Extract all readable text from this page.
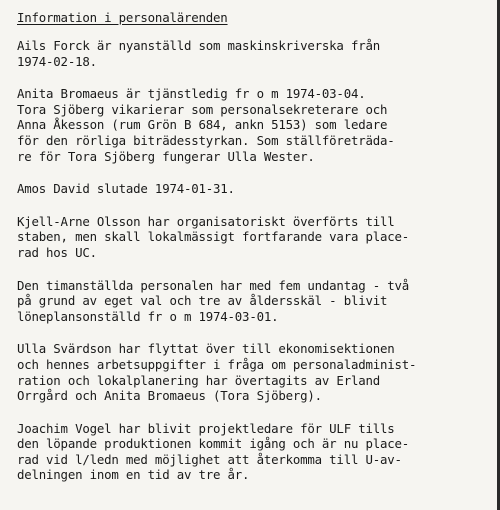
Information i personalärenden
Ails Forck är nyanställd som maskinskriverska från
1974-02-18.
Anita Bromaeus är tjänstledig fr o m 1974-03-04.
Tora Sjöberg vikarierar som personalsekreterare och
Anna Åkesson (rum Grön B 684, ankn 5153) som ledare
för den rörliga biträdesstyrkan. Som ställföreträda-
re för Tora Sjöberg fungerar Ulla Wester.
Amos David slutade 1974-01-31.
Kjell-Arne Olsson har organisatoriskt överförts till
staben, men skall lokalmässigt fortfarande vara place-
rad hos UC.
Den timanställda personalen har med fem undantag - två
på grund av eget val och tre av åldersskäl - blivit
löneplansonställd fr o m 1974-03-01.
Ulla Svärdson har flyttat över till ekonomisektionen
och hennes arbetsuppgifter i fråga om personaladminist-
ration och lokalplanering har övertagits av Erland
Orrgård och Anita Bromaeus (Tora Sjöberg).
Joachim Vogel har blivit projektledare för ULF tills
den löpande produktionen kommit igång och är nu place-
rad vid l/ledn med möjlighet att återkomma till U-av-
delningen inom en tid av tre år.
